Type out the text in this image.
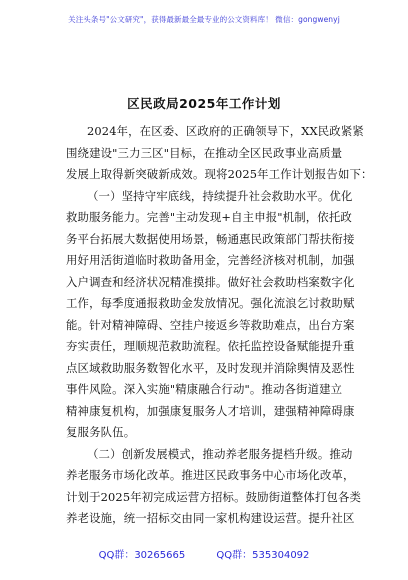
关注头条号"公文研究"，获得最新最全最专业的公文资料库！ 微信：gongwenyj
区民政局2025年工作计划
2024年，在区委、区政府的正确领导下，XX民政紧紧
围绕建设"三力三区"目标，在推动全区民政事业高质量
发展上取得新突破新成效。现将2025年工作计划报告如下：
（一）坚持守牢底线，持续提升社会救助水平。优化
救助服务能力。完善"主动发现+自主申报"机制，依托政
务平台拓展大数据使用场景，畅通惠民政策部门帮扶衔接
用好用活街道临时救助备用金，完善经济核对机制，加强
入户调查和经济状况精准摸排。做好社会救助档案数字化
工作，每季度通报救助金发放情况。强化流浪乞讨救助赋
能。针对精神障碍、空挂户接返乡等救助难点，出台方案
夯实责任，理顺规范救助流程。依托监控设备赋能提升重
点区域救助服务数智化水平，及时发现并消除舆情及恶性
事件风险。深入实施"精康融合行动"。推动各街道建立
精神康复机构，加强康复服务人才培训，建强精神障碍康
复服务队伍。
（二）创新发展模式，推动养老服务提档升级。推动
养老服务市场化改革。推进区民政事务中心市场化改革，
计划于2025年初完成运营方招标。鼓励街道整体打包各类
养老设施，统一招标交由同一家机构建设运营。提升社区
QQ群：30265665	QQ群：535304092
